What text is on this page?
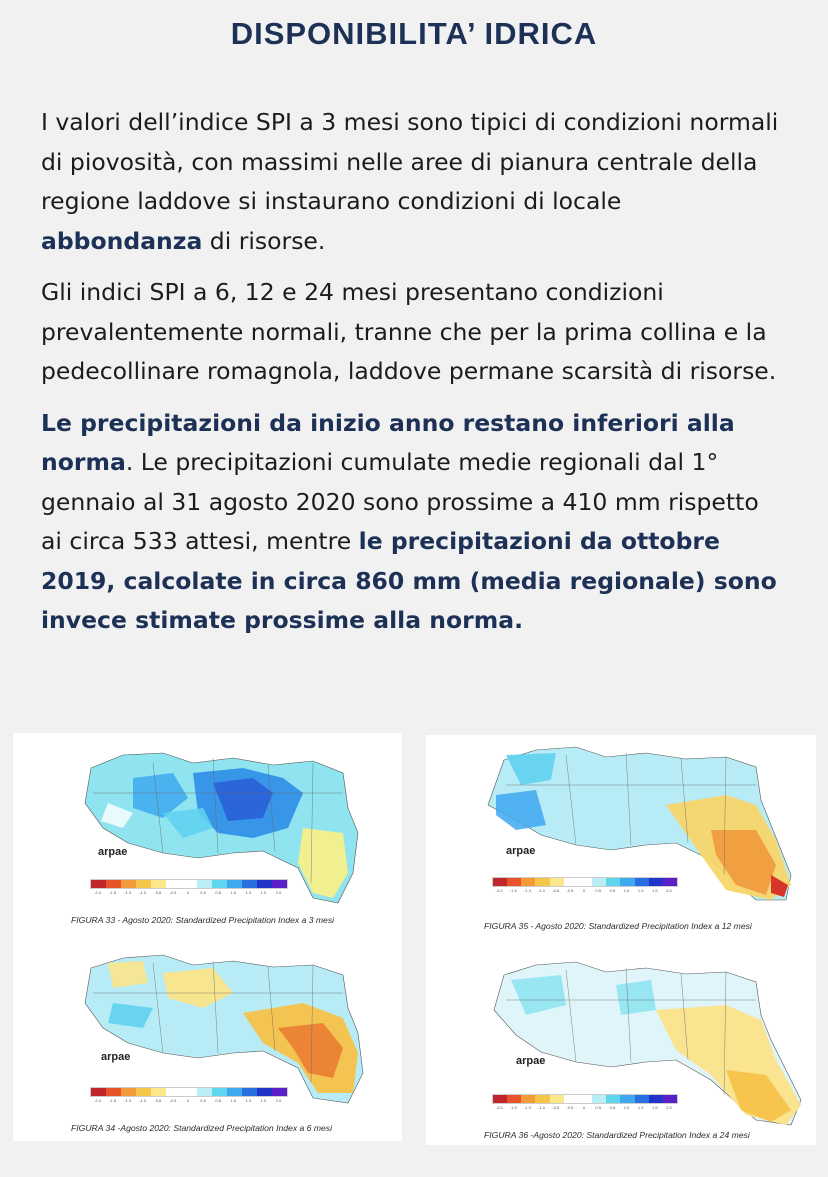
DISPONIBILITA’ IDRICA

I valori dell’indice SPI a 3 mesi sono tipici di condizioni normali di piovosità, con massimi nelle aree di pianura centrale della regione laddove si instaurano condizioni di locale abbondanza di risorse.

Gli indici SPI a 6, 12 e 24 mesi presentano condizioni prevalentemente normali, tranne che per la prima collina e la pedecollinare romagnola, laddove permane scarsità di risorse.

Le precipitazioni da inizio anno restano inferiori alla norma. Le precipitazioni cumulate medie regionali dal 1° gennaio al 31 agosto 2020 sono prossime a 410 mm rispetto ai circa 533 attesi, mentre le precipitazioni da ottobre 2019, calcolate in circa 860 mm (media regionale) sono invece stimate prossime alla norma.

arpae
-2.0	-1.5	-1.3	-1.0	-0.8	-0.5	0	0.5	0.8	1.0	1.3	1.5	2.0
FIGURA 33 - Agosto 2020: Standardized Precipitation Index a 3 mesi
arpae
-2.0	-1.5	-1.3	-1.0	-0.8	-0.5	0	0.5	0.8	1.0	1.3	1.5	2.0
FIGURA 34 -Agosto 2020: Standardized Precipitation Index a 6 mesi
arpae
-2.0	-1.5	-1.3	-1.0	-0.8	-0.5	0	0.5	0.8	1.0	1.3	1.5	2.0
FIGURA 35 - Agosto 2020: Standardized Precipitation Index a 12 mesi
arpae
-2.0	-1.5	-1.3	-1.0	-0.8	-0.5	0	0.5	0.8	1.0	1.3	1.5	2.0
FIGURA 36 -Agosto 2020: Standardized Precipitation Index a 24 mesi
